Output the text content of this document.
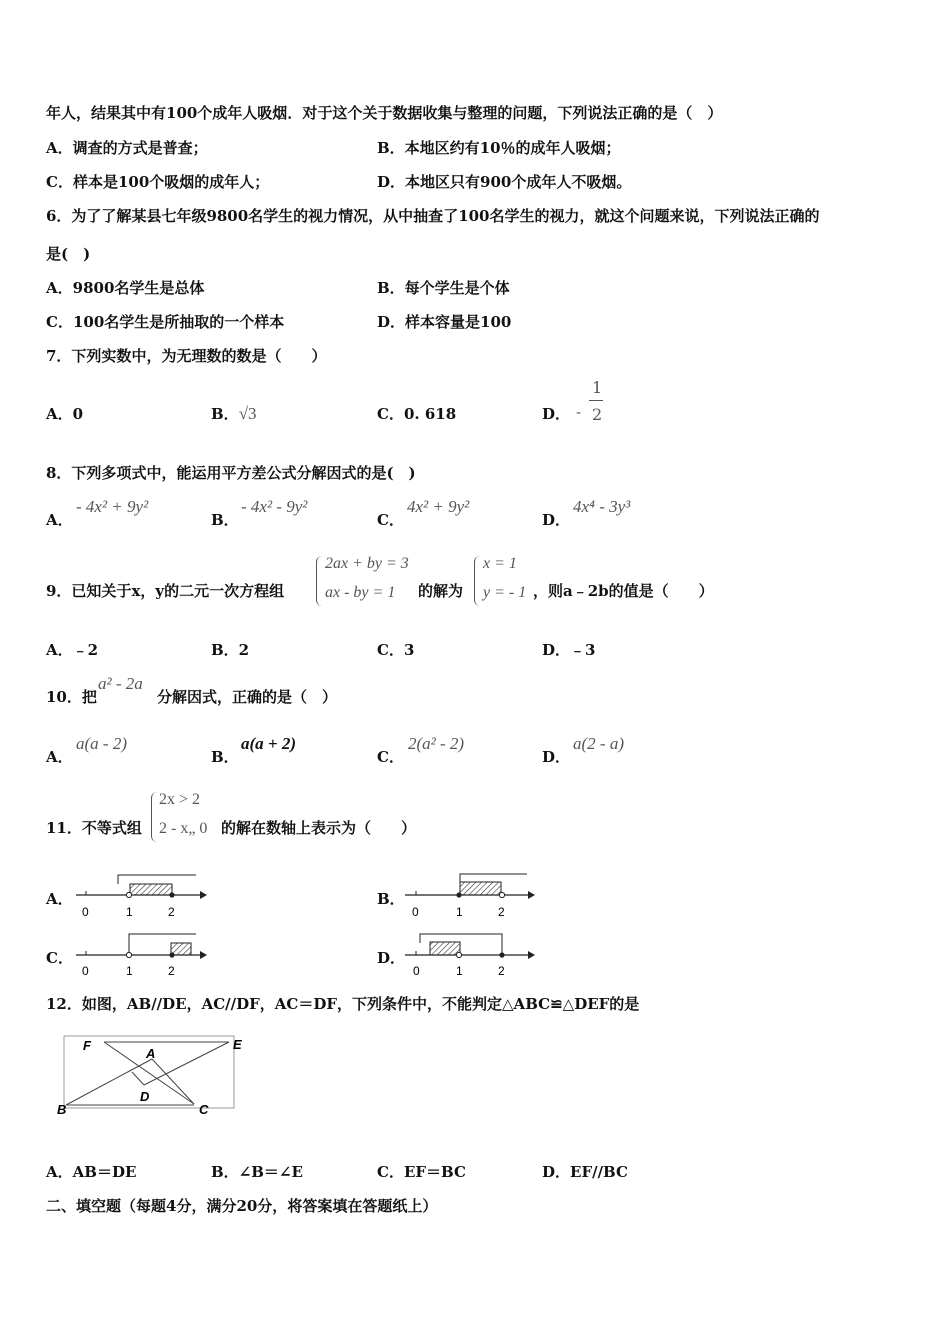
年人，结果其中有100个成年人吸烟．对于这个关于数据收集与整理的问题，下列说法正确的是（　）
A．调查的方式是普查；	B．本地区约有10％的成年人吸烟；
C．样本是100个吸烟的成年人；	D．本地区只有900个成年人不吸烟。
6．为了了解某县七年级9800名学生的视力情况，从中抽查了100名学生的视力，就这个问题来说，下列说法正确的
是(　)
A．9800名学生是总体	B．每个学生是个体
C．100名学生是所抽取的一个样本	D．样本容量是100
7．下列实数中，为无理数的数是（　　）
A．0	B．√3	C．0. 618	D． -
1
2
8．下列多项式中，能运用平方差公式分解因式的是(　)
A．
- 4x² + 9y²
B．
- 4x² - 9y²
C．
4x² + 9y²
D．
4x⁴ - 3y³
9．已知关于x，y的二元一次方程组
2ax + by = 3
ax - by = 1 的解为
x = 1
y = - 1 ，则a﹣2b的值是（　　）
A．﹣2	B．2	C．3	D．﹣3
10．把
a² - 2a
分解因式，正确的是（　）
A．
a(a - 2)
B．
a(a + 2)
C．
2(a² - 2)
D．
a(2 - a)
11．不等式组
2x > 2
2 - x„ 0 的解在数轴上表示为（　　）
A．	B．
C．	D．
0	1	2	0	1	2
0	1	2	0	1	2
F
A
E
D
B	C
12．如图，AB//DE，AC//DF，AC＝DF，下列条件中，不能判定△ABC≌△DEF的是
A．AB＝DE	B．∠B＝∠E	C．EF＝BC	D．EF//BC
二、填空题（每题4分，满分20分，将答案填在答题纸上）
